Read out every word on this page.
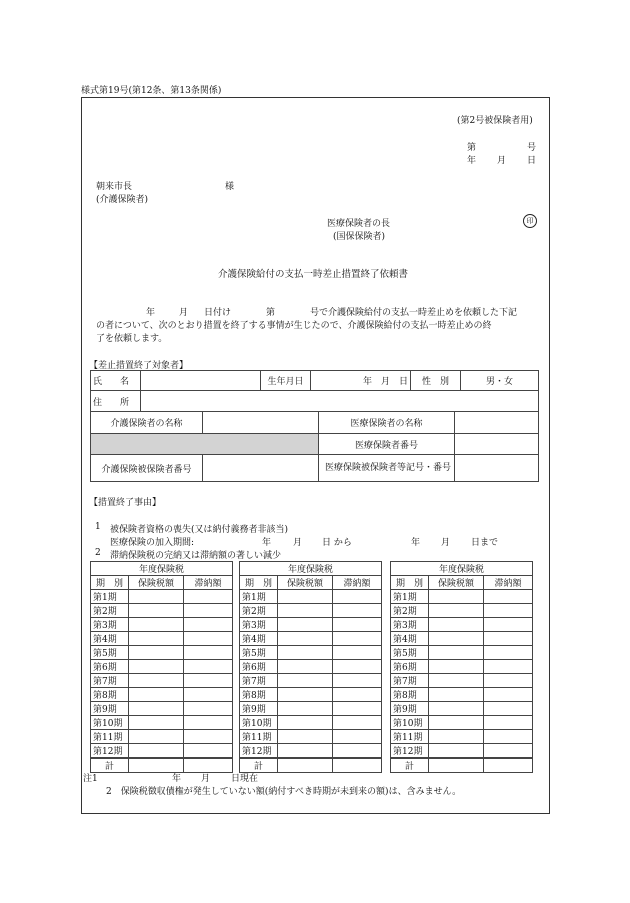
様式第19号(第12条、第13条関係)
(第2号被保険者用)
第	号
年 月 日
朝来市長	様
(介護保険者)
医療保険者の長	印
(国保保険者)
介護保険給付の支払一時差止措置終了依頼書
年	月 日付け	第	号で介護保険給付の支払一時差止めを依頼した下記
の者について、次のとおり措置を終了する事情が生じたので、介護保険給付の支払一時差止めの終
了を依頼します。
【差止措置終了対象者】
氏　　名		生年月日	年　月　日	性　別	男・女
住　　所					
介護保険者の名称		医療保険者の名称	
		医療保険者番号	
介護保険被保険者番号		医療保険被保険者等記号・番号	
【措置終了事由】
1 被保険者資格の喪失(又は納付義務者非該当)
医療保険の加入期間:	年 月 日 から	年 月 日まで
2 滞納保険税の完納又は滞納額の著しい減少
年度保険税		
期　別	保険税額	滞納額
第1期		
第2期		
第3期		
第4期		
第5期		
第6期		
第7期		
第8期		
第9期		
第10期		
第11期		
第12期		
計		
年度保険税		
期　別	保険税額	滞納額
第1期		
第2期		
第3期		
第4期		
第5期		
第6期		
第7期		
第8期		
第9期		
第10期		
第11期		
第12期		
計		
年度保険税		
期　別	保険税額	滞納額
第1期		
第2期		
第3期		
第4期		
第5期		
第6期		
第7期		
第8期		
第9期		
第10期		
第11期		
第12期		
計		
注1	年 月 日現在
2　保険税徴収債権が発生していない額(納付すべき時期が未到来の額)は、含みません。
